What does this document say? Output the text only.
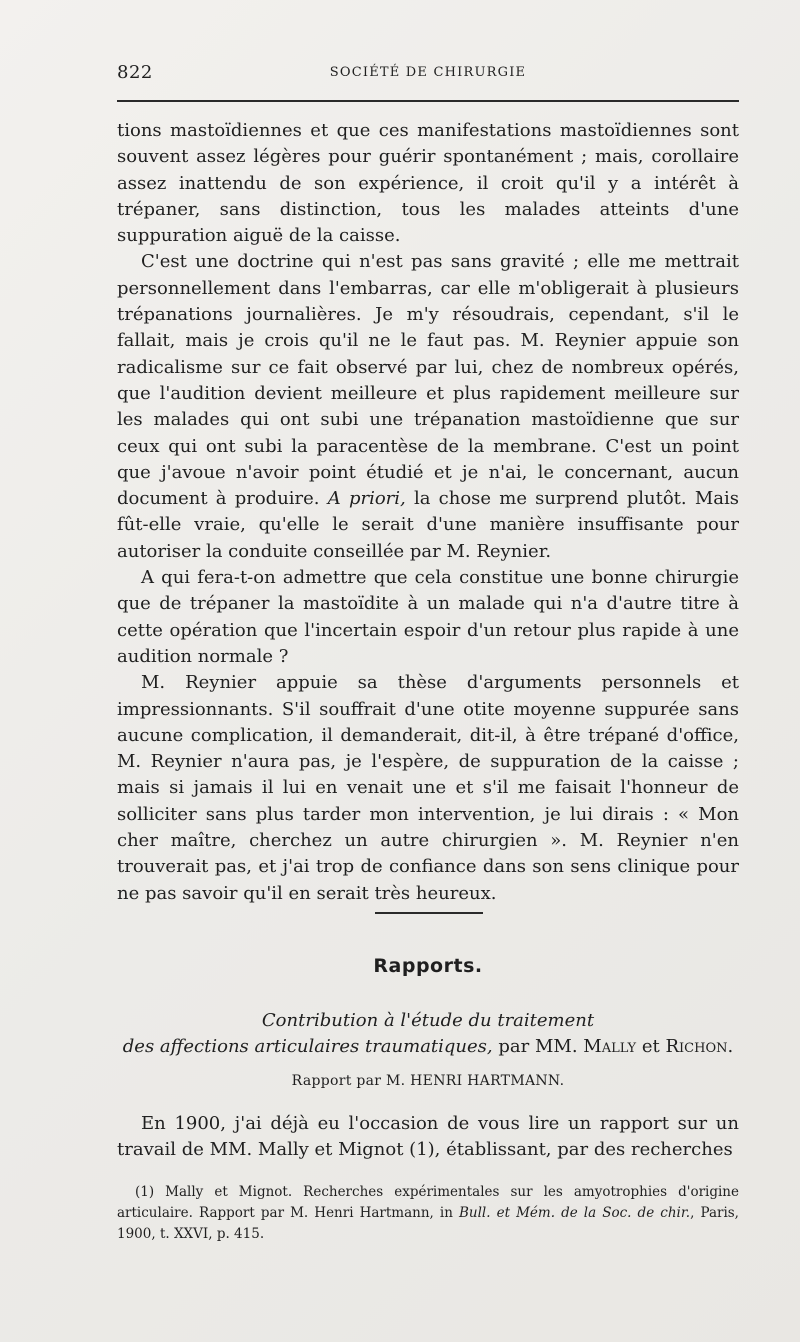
822	SOCIÉTÉ DE CHIRURGIE

tions mastoïdiennes et que ces manifestations mastoïdiennes sont souvent assez légères pour guérir spontanément ; mais, corollaire assez inattendu de son expérience, il croit qu'il y a intérêt à trépaner, sans distinction, tous les malades atteints d'une suppuration aiguë de la caisse.

C'est une doctrine qui n'est pas sans gravité ; elle me mettrait personnellement dans l'embarras, car elle m'obligerait à plusieurs trépanations journalières. Je m'y résoudrais, cependant, s'il le fallait, mais je crois qu'il ne le faut pas. M. Reynier appuie son radicalisme sur ce fait observé par lui, chez de nombreux opérés, que l'audition devient meilleure et plus rapidement meilleure sur les malades qui ont subi une trépanation mastoïdienne que sur ceux qui ont subi la paracentèse de la membrane. C'est un point que j'avoue n'avoir point étudié et je n'ai, le concernant, aucun document à produire. A priori, la chose me surprend plutôt. Mais fût-elle vraie, qu'elle le serait d'une manière insuffisante pour autoriser la conduite conseillée par M. Reynier.

A qui fera-t-on admettre que cela constitue une bonne chirurgie que de trépaner la mastoïdite à un malade qui n'a d'autre titre à cette opération que l'incertain espoir d'un retour plus rapide à une audition normale ?

M. Reynier appuie sa thèse d'arguments personnels et impressionnants. S'il souffrait d'une otite moyenne suppurée sans aucune complication, il demanderait, dit-il, à être trépané d'office, M. Reynier n'aura pas, je l'espère, de suppuration de la caisse ; mais si jamais il lui en venait une et s'il me faisait l'honneur de solliciter sans plus tarder mon intervention, je lui dirais : « Mon cher maître, cherchez un autre chirurgien ». M. Reynier n'en trouverait pas, et j'ai trop de confiance dans son sens clinique pour ne pas savoir qu'il en serait très heureux.

Rapports.
Contribution à l'étude du traitement
des affections articulaires traumatiques, par MM. Mally et Richon.
Rapport par M. HENRI HARTMANN.

En 1900, j'ai déjà eu l'occasion de vous lire un rapport sur un travail de MM. Mally et Mignot (1), établissant, par des recherches

(1) Mally et Mignot. Recherches expérimentales sur les amyotrophies d'origine articulaire. Rapport par M. Henri Hartmann, in Bull. et Mém. de la Soc. de chir., Paris, 1900, t. XXVI, p. 415.
